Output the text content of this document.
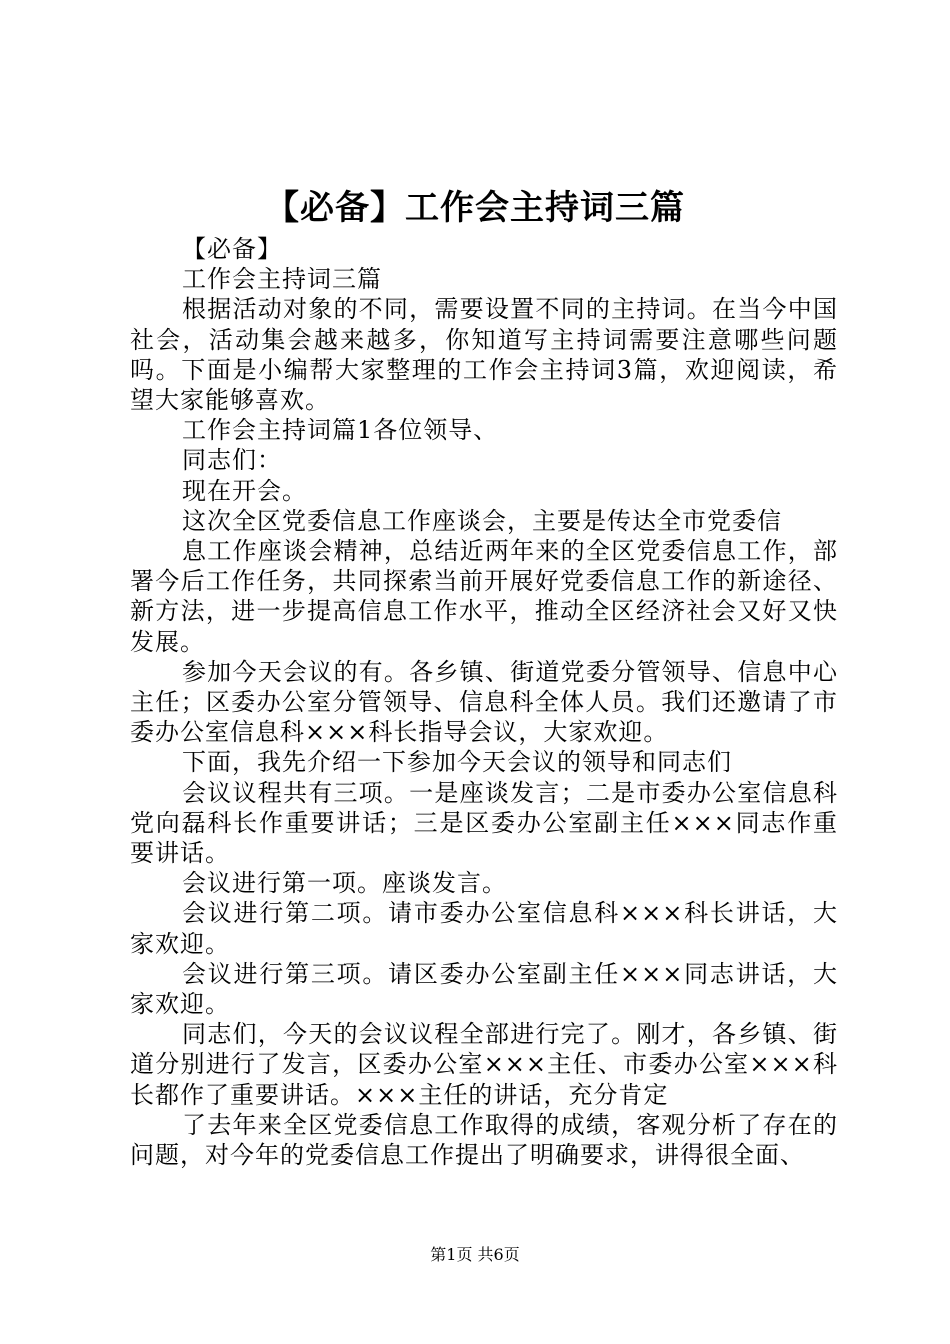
【必备】工作会主持词三篇

【必备】

工作会主持词三篇

根据活动对象的不同，需要设置不同的主持词。在当今中国社会，活动集会越来越多，你知道写主持词需要注意哪些问题吗。下面是小编帮大家整理的工作会主持词3篇，欢迎阅读，希望大家能够喜欢。

工作会主持词篇1各位领导、

同志们：

现在开会。

这次全区党委信息工作座谈会，主要是传达全市党委信

息工作座谈会精神，总结近两年来的全区党委信息工作，部署今后工作任务，共同探索当前开展好党委信息工作的新途径、新方法，进一步提高信息工作水平，推动全区经济社会又好又快发展。

参加今天会议的有。各乡镇、街道党委分管领导、信息中心主任；区委办公室分管领导、信息科全体人员。我们还邀请了市委办公室信息科×××科长指导会议，大家欢迎。

下面，我先介绍一下参加今天会议的领导和同志们

会议议程共有三项。一是座谈发言；二是市委办公室信息科党向磊科长作重要讲话；三是区委办公室副主任×××同志作重要讲话。

会议进行第一项。座谈发言。

会议进行第二项。请市委办公室信息科×××科长讲话，大家欢迎。

会议进行第三项。请区委办公室副主任×××同志讲话，大家欢迎。

同志们，今天的会议议程全部进行完了。刚才，各乡镇、街道分别进行了发言，区委办公室×××主任、市委办公室×××科长都作了重要讲话。×××主任的讲话，充分肯定

了去年来全区党委信息工作取得的成绩，客观分析了存在的问题，对今年的党委信息工作提出了明确要求，讲得很全面、

第1页 共6页
